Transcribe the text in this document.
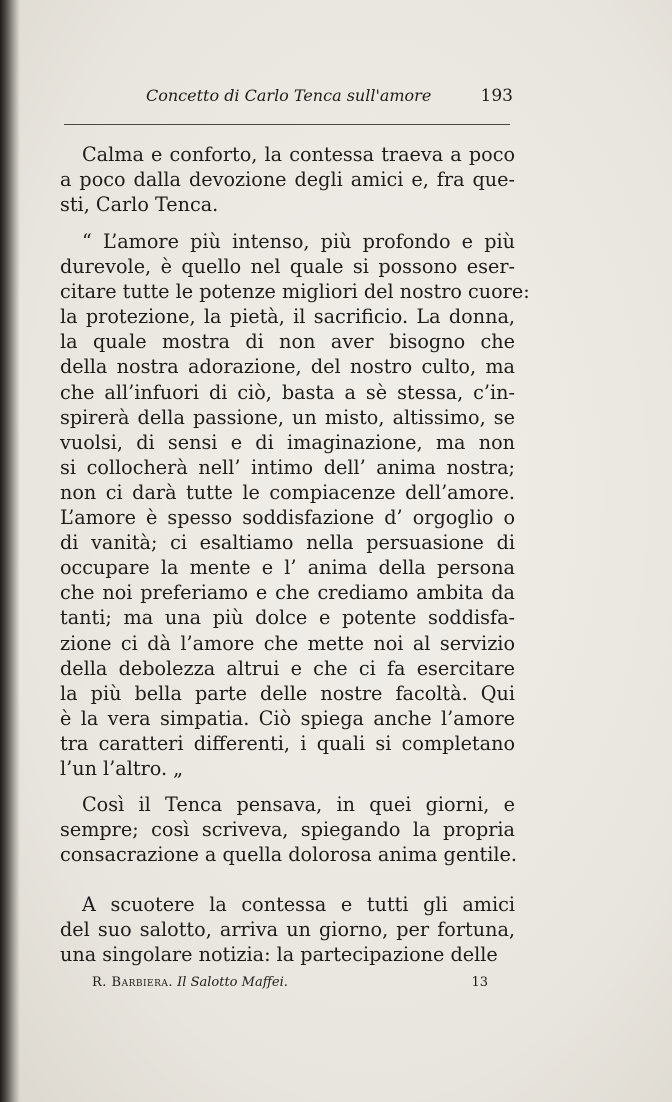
Concetto di Carlo Tenca sull'amore	193
Calma e conforto, la contessa traeva a poco
a poco dalla devozione degli amici e, fra que-
sti, Carlo Tenca.
“ L’amore più intenso, più profondo e più
durevole, è quello nel quale si possono eser-
citare tutte le potenze migliori del nostro cuore:
la protezione, la pietà, il sacrificio. La donna,
la quale mostra di non aver bisogno che
della nostra adorazione, del nostro culto, ma
che all’infuori di ciò, basta a sè stessa, c’in-
spirerà della passione, un misto, altissimo, se
vuolsi, di sensi e di imaginazione, ma non
si collocherà nell’ intimo dell’ anima nostra;
non ci darà tutte le compiacenze dell’amore.
L’amore è spesso soddisfazione d’ orgoglio o
di vanità; ci esaltiamo nella persuasione di
occupare la mente e l’ anima della persona
che noi preferiamo e che crediamo ambita da
tanti; ma una più dolce e potente soddisfa-
zione ci dà l’amore che mette noi al servizio
della debolezza altrui e che ci fa esercitare
la più bella parte delle nostre facoltà. Qui
è la vera simpatia. Ciò spiega anche l’amore
tra caratteri differenti, i quali si completano
l’un l’altro. „
Così il Tenca pensava, in quei giorni, e
sempre; così scriveva, spiegando la propria
consacrazione a quella dolorosa anima gentile.
A scuotere la contessa e tutti gli amici
del suo salotto, arriva un giorno, per fortuna,
una singolare notizia: la partecipazione delle
R. Barbiera. Il Salotto Maffei.	13
